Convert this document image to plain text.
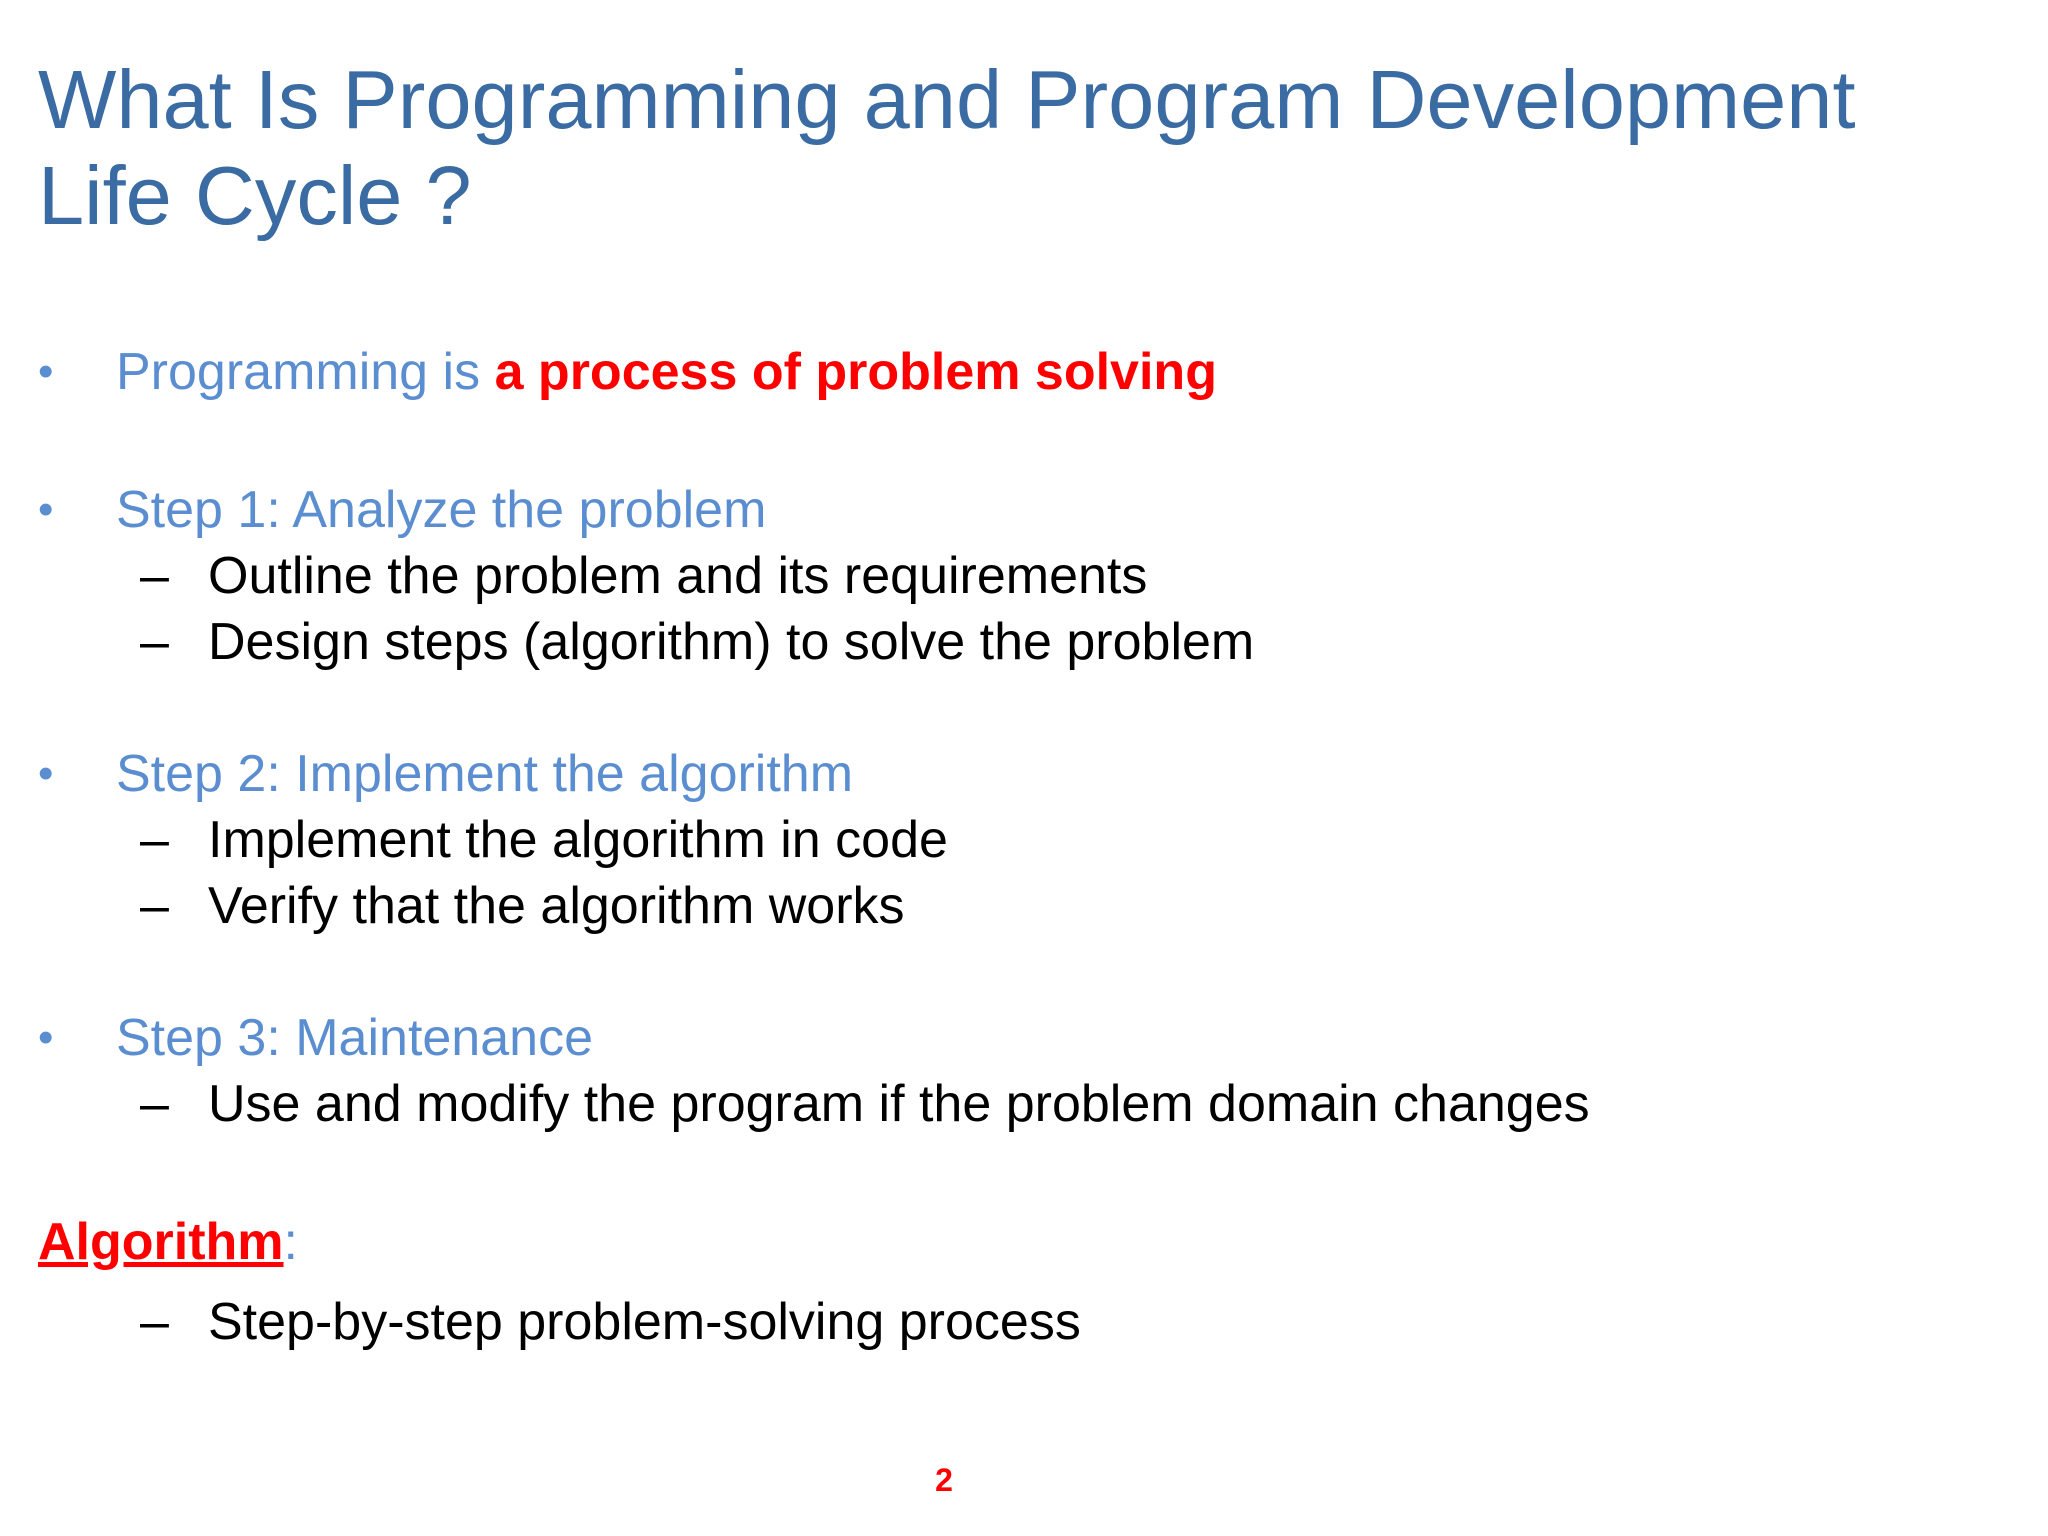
What Is Programming and Program Development Life Cycle ?
• Programming is a process of problem solving
• Step 1: Analyze the problem
– Outline the problem and its requirements
– Design steps (algorithm) to solve the problem
• Step 2: Implement the algorithm
– Implement the algorithm in code
– Verify that the algorithm works
• Step 3: Maintenance
– Use and modify the program if the problem domain changes
Algorithm:
– Step-by-step problem-solving process
2
